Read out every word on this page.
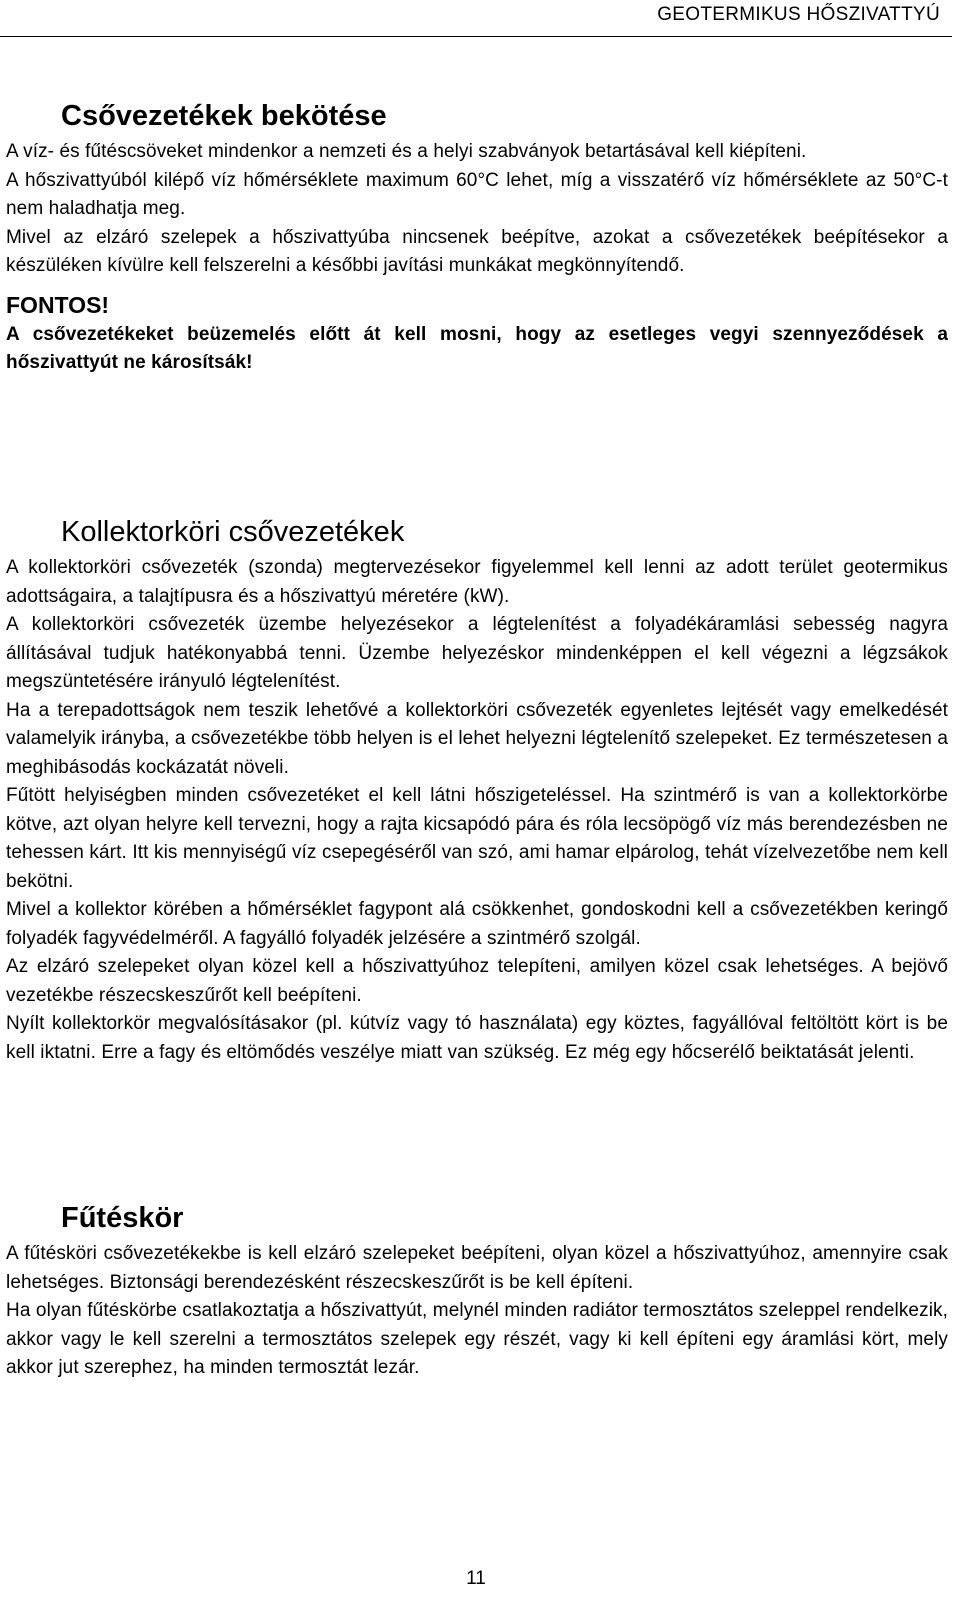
GEOTERMIKUS HŐSZIVATTYÚ
Csővezetékek bekötése

A víz- és fűtéscsöveket mindenkor a nemzeti és a helyi szabványok betartásával kell kiépíteni.

A hőszivattyúból kilépő víz hőmérséklete maximum 60°C lehet, míg a visszatérő víz hőmérséklete az 50°C-t nem haladhatja meg.

Mivel az elzáró szelepek a hőszivattyúba nincsenek beépítve, azokat a csővezetékek beépítésekor a készüléken kívülre kell felszerelni a későbbi javítási munkákat megkönnyítendő.

FONTOS!

A csővezetékeket beüzemelés előtt át kell mosni, hogy az esetleges vegyi szennyeződések a hőszivattyút ne károsítsák!

Kollektorköri csővezetékek

A kollektorköri csővezeték (szonda) megtervezésekor figyelemmel kell lenni az adott terület geotermikus adottságaira, a talajtípusra és a hőszivattyú méretére (kW).

A kollektorköri csővezeték üzembe helyezésekor a légtelenítést a folyadékáramlási sebesség nagyra állításával tudjuk hatékonyabbá tenni. Üzembe helyezéskor mindenképpen el kell végezni a légzsákok megszüntetésére irányuló légtelenítést.

Ha a terepadottságok nem teszik lehetővé a kollektorköri csővezeték egyenletes lejtését vagy emelkedését valamelyik irányba, a csővezetékbe több helyen is el lehet helyezni légtelenítő szelepeket. Ez természetesen a meghibásodás kockázatát növeli.

Fűtött helyiségben minden csővezetéket el kell látni hőszigeteléssel. Ha szintmérő is van a kollektorkörbe kötve, azt olyan helyre kell tervezni, hogy a rajta kicsapódó pára és róla lecsöpögő víz más berendezésben ne tehessen kárt. Itt kis mennyiségű víz csepegéséről van szó, ami hamar elpárolog, tehát vízelvezetőbe nem kell bekötni.

Mivel a kollektor körében a hőmérséklet fagypont alá csökkenhet, gondoskodni kell a csővezetékben keringő folyadék fagyvédelméről. A fagyálló folyadék jelzésére a szintmérő szolgál.

Az elzáró szelepeket olyan közel kell a hőszivattyúhoz telepíteni, amilyen közel csak lehetséges. A bejövő vezetékbe részecskeszűrőt kell beépíteni.

Nyílt kollektorkör megvalósításakor (pl. kútvíz vagy tó használata) egy köztes, fagyállóval feltöltött kört is be kell iktatni. Erre a fagy és eltömődés veszélye miatt van szükség. Ez még egy hőcserélő beiktatását jelenti.

Fűtéskör

A fűtésköri csővezetékekbe is kell elzáró szelepeket beépíteni, olyan közel a hőszivattyúhoz, amennyire csak lehetséges. Biztonsági berendezésként részecskeszűrőt is be kell építeni.

Ha olyan fűtéskörbe csatlakoztatja a hőszivattyút, melynél minden radiátor termosztátos szeleppel rendelkezik, akkor vagy le kell szerelni a termosztátos szelepek egy részét, vagy ki kell építeni egy áramlási kört, mely akkor jut szerephez, ha minden termosztát lezár.

11
